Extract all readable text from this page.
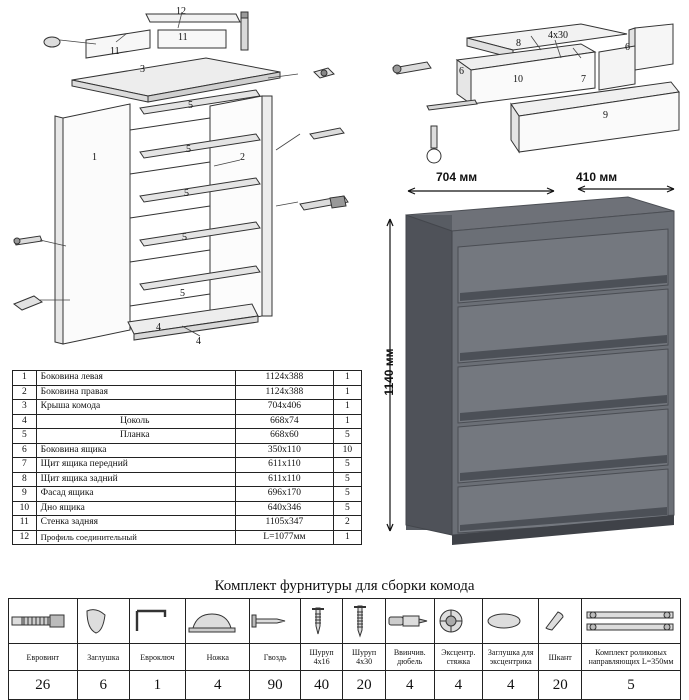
12
11
11
3
5
1
5
2
5
5
5
4
4
8
4x30
6
6
10	7
9
1	Боковина левая	1124х388	1
2	Боковина правая	1124х388	1
3	Крыша комода	704х406	1
4	Цоколь	668х74	1
5	Планка	668х60	5
6	Боковина ящика	350х110	10
7	Щит ящика передний	611х110	5
8	Щит ящика задний	611х110	5
9	Фасад ящика	696х170	5
10	Дно ящика	640х346	5
11	Стенка задняя	1105х347	2
12	Профиль соединительный	L=1077мм	1
704 мм	410 мм
1140 мм
Комплект фурнитуры для сборки комода

Евровинт	Заглушка	Евроключ	Ножка	Гвоздь	Шуруп 4х16	Шуруп 4х30	Ввинчив. дюбель	Эксцентр. стяжка	Заглушка для эксцентрика	Шкант	Комплект роликовых направляющих L=350мм
26	6	1	4	90	40	20	4	4	4	20	5
